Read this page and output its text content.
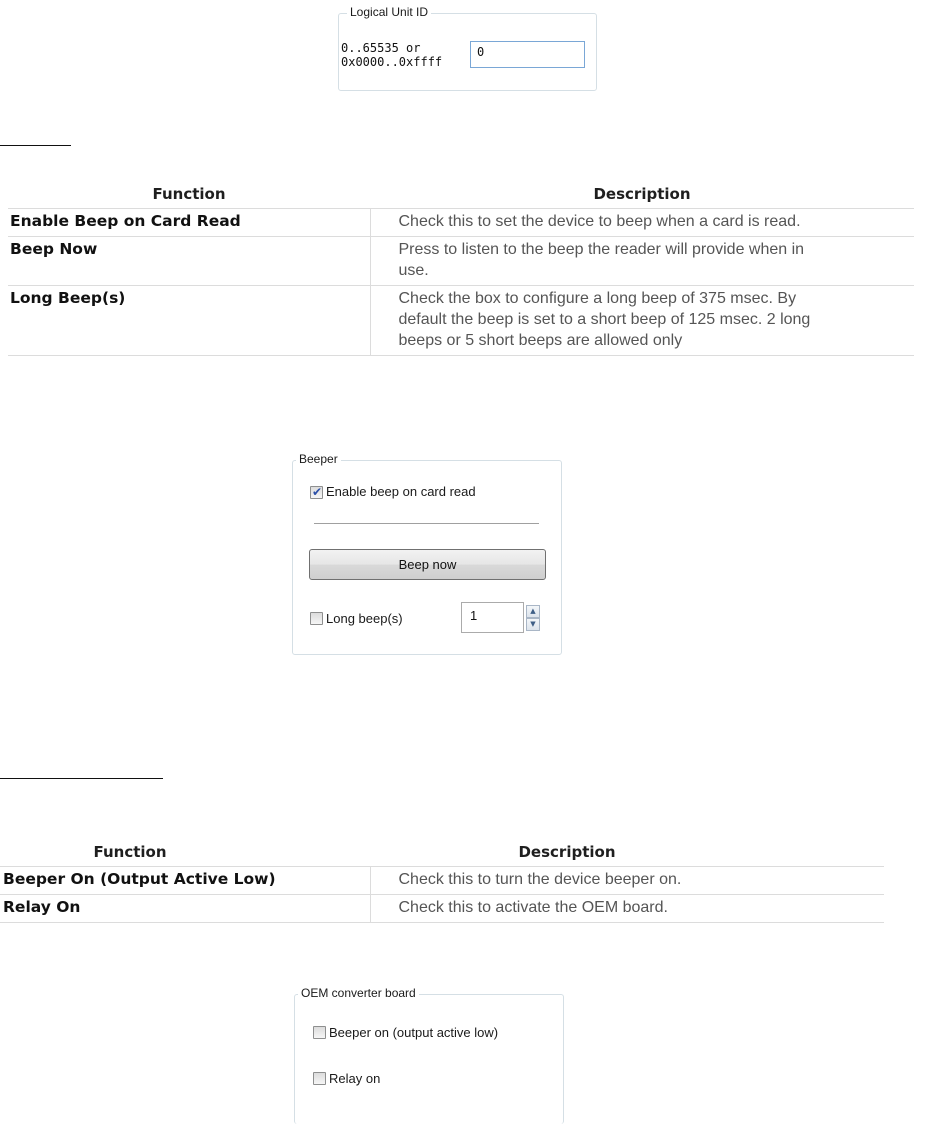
Logical Unit ID
0..65535 or
0x0000..0xffff
0
Function	Description
Enable Beep on Card Read	Check this to set the device to beep when a card is read.

Beep Now	Press to listen to the beep the reader will provide when in
use.

Long Beep(s)	Check the box to configure a long beep of 375 msec. By
default the beep is set to a short beep of 125 msec. 2 long
beeps or 5 short beeps are allowed only
Beeper
✔ Enable beep on card read
Beep now
Long beep(s)	1	▲
▼
Function	Description
Beeper On (Output Active Low)	Check this to turn the device beeper on.

Relay On	Check this to activate the OEM board.
OEM converter board
Beeper on (output active low)
Relay on
